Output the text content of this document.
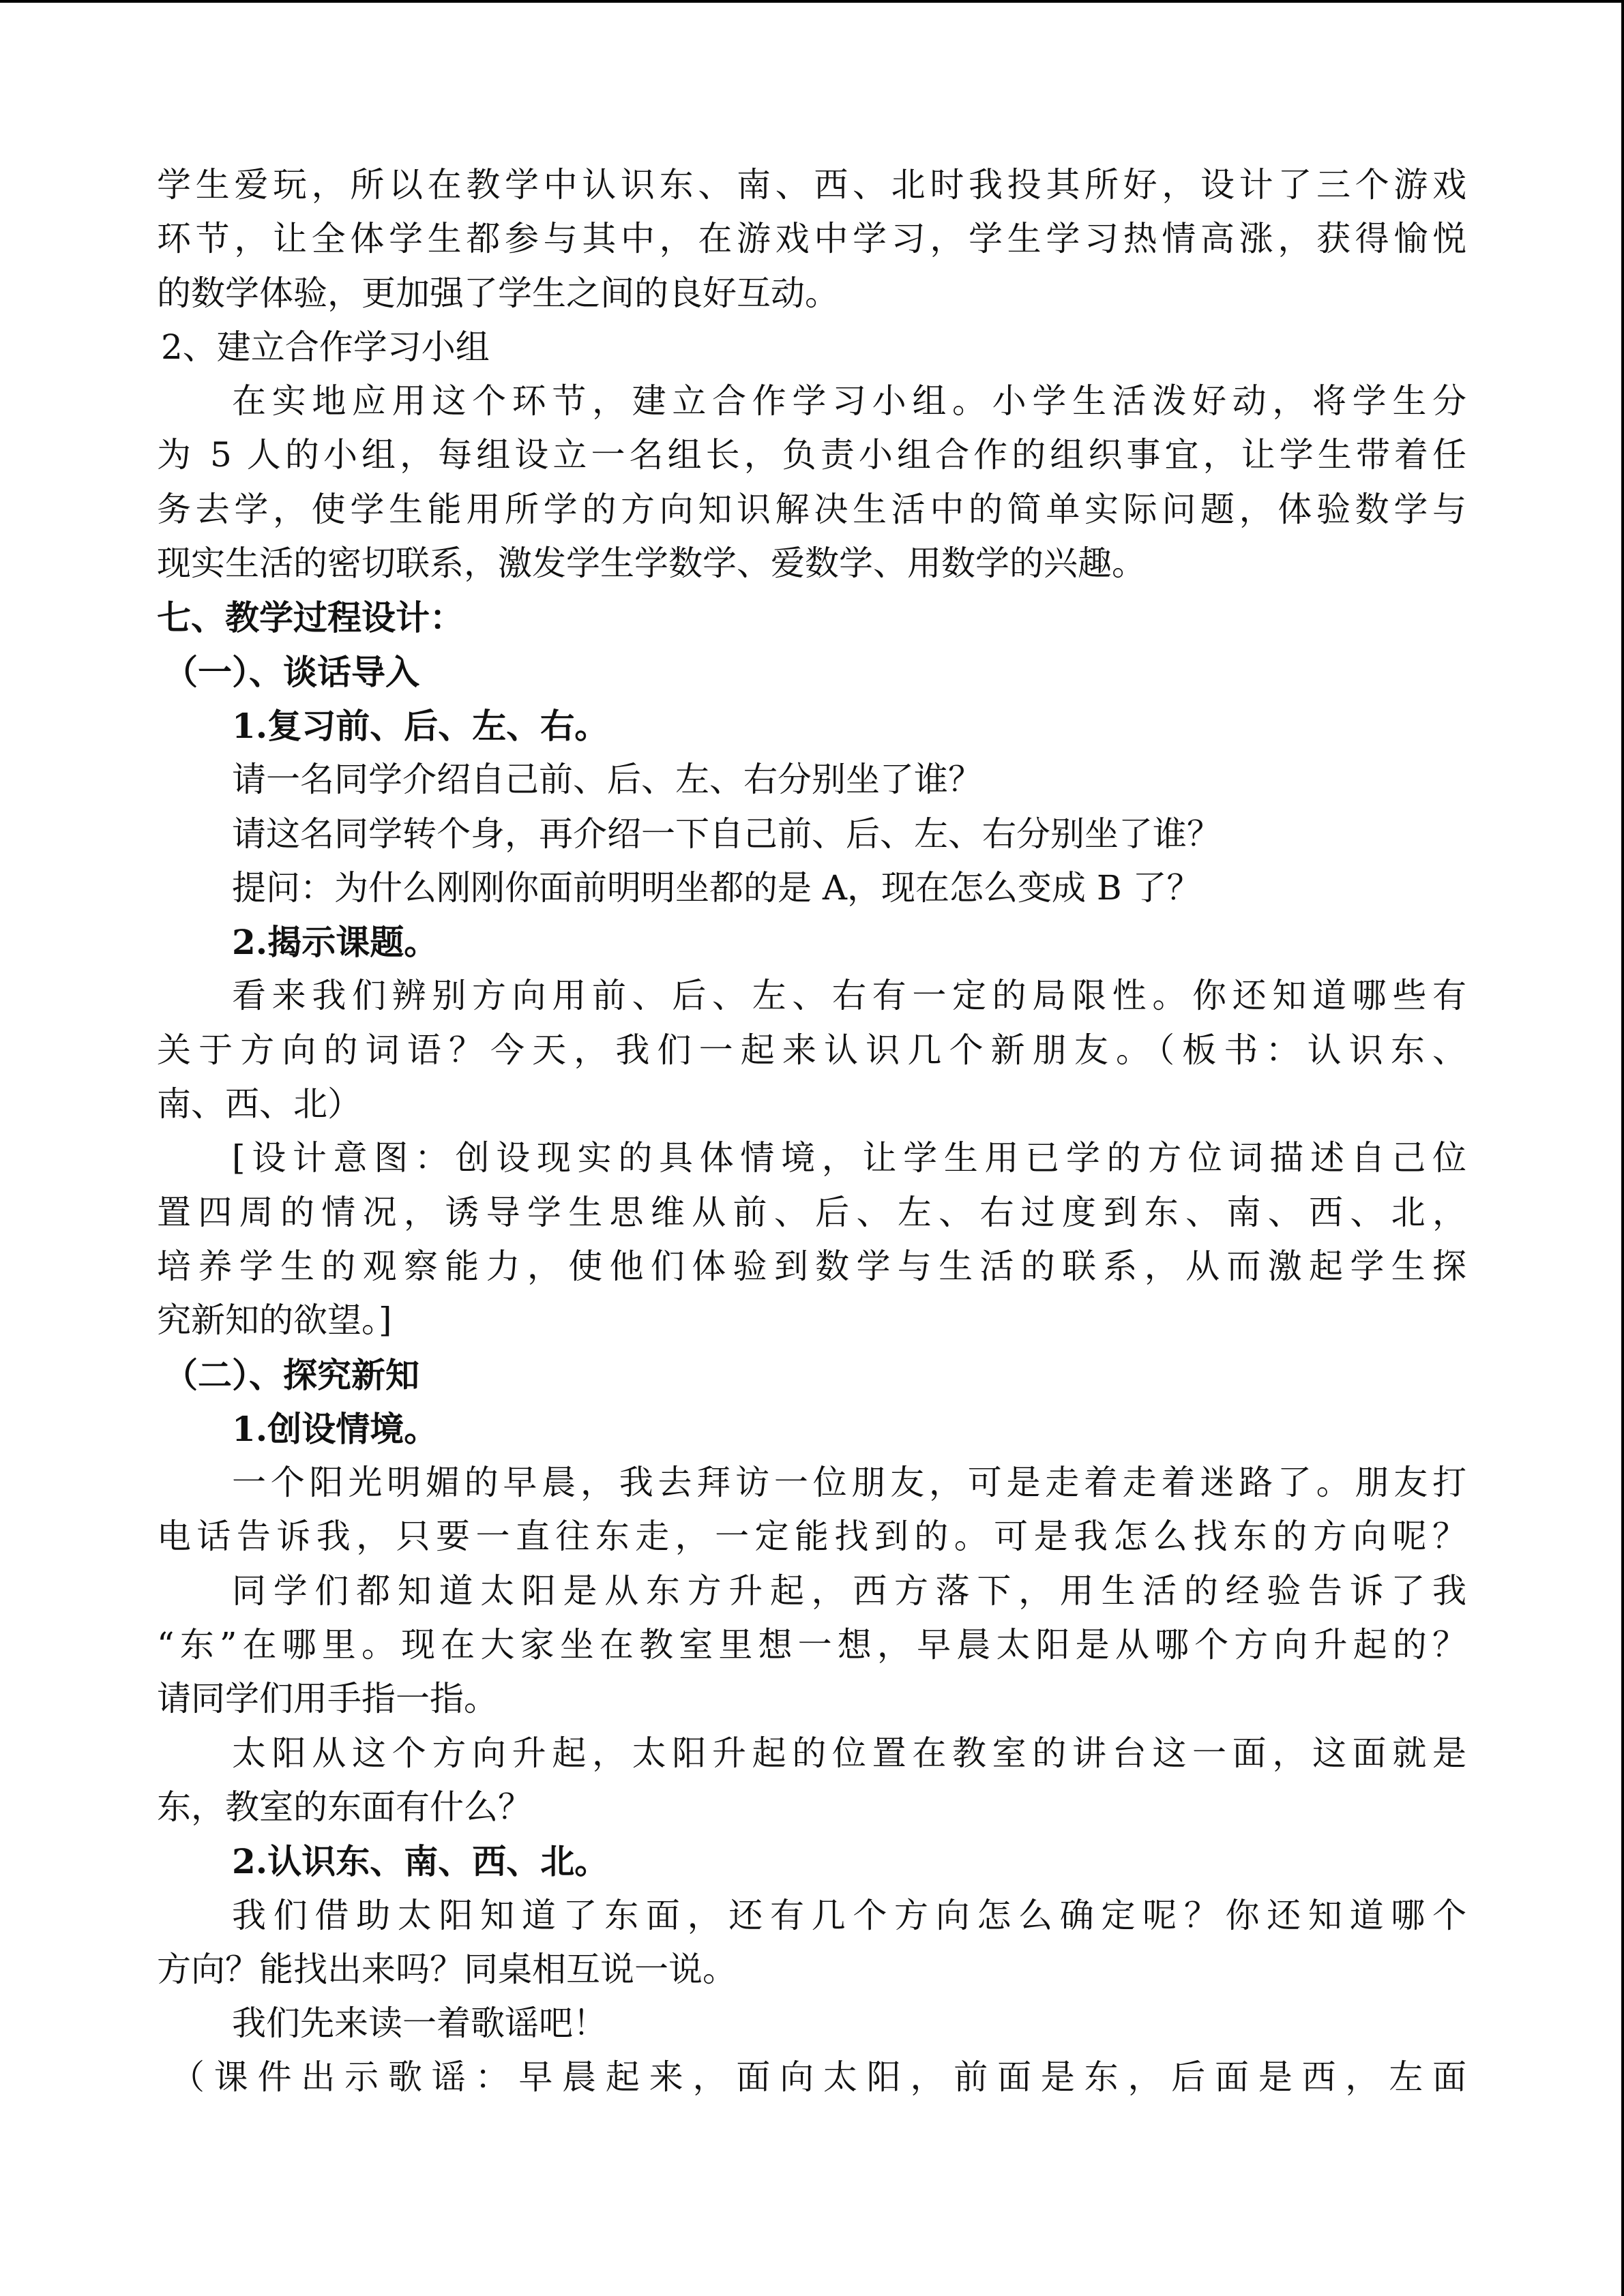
学生爱玩，所以在教学中认识东、南、西、北时我投其所好，设计了三个游戏
环节，让全体学生都参与其中，在游戏中学习，学生学习热情高涨，获得愉悦
的数学体验，更加强了学生之间的良好互动。
2、建立合作学习小组
在实地应用这个环节，建立合作学习小组。小学生活泼好动，将学生分
为 5 人的小组，每组设立一名组长，负责小组合作的组织事宜，让学生带着任
务去学，使学生能用所学的方向知识解决生活中的简单实际问题，体验数学与
现实生活的密切联系，激发学生学数学、爱数学、用数学的兴趣。
七、教学过程设计：
（一）、谈话导入
1.复习前、后、左、右。
请一名同学介绍自己前、后、左、右分别坐了谁？
请这名同学转个身，再介绍一下自己前、后、左、右分别坐了谁？
提问：为什么刚刚你面前明明坐都的是 A，现在怎么变成 B 了？
2.揭示课题。
看来我们辨别方向用前、后、左、右有一定的局限性。你还知道哪些有
关于方向的词语？今天，我们一起来认识几个新朋友。（板书：认识东、
南、西、北）
[设计意图：创设现实的具体情境，让学生用已学的方位词描述自己位
置四周的情况，诱导学生思维从前、后、左、右过度到东、南、西、北，
培养学生的观察能力，使他们体验到数学与生活的联系，从而激起学生探
究新知的欲望。]
（二）、探究新知
1.创设情境。
一个阳光明媚的早晨，我去拜访一位朋友，可是走着走着迷路了。朋友打
电话告诉我，只要一直往东走，一定能找到的。可是我怎么找东的方向呢？
同学们都知道太阳是从东方升起，西方落下，用生活的经验告诉了我
“东”在哪里。现在大家坐在教室里想一想，早晨太阳是从哪个方向升起的？
请同学们用手指一指。
太阳从这个方向升起，太阳升起的位置在教室的讲台这一面，这面就是
东，教室的东面有什么？
2.认识东、南、西、北。
我们借助太阳知道了东面，还有几个方向怎么确定呢？你还知道哪个
方向？能找出来吗？同桌相互说一说。
我们先来读一着歌谣吧！
（课件出示歌谣：早晨起来，面向太阳，前面是东，后面是西，左面
